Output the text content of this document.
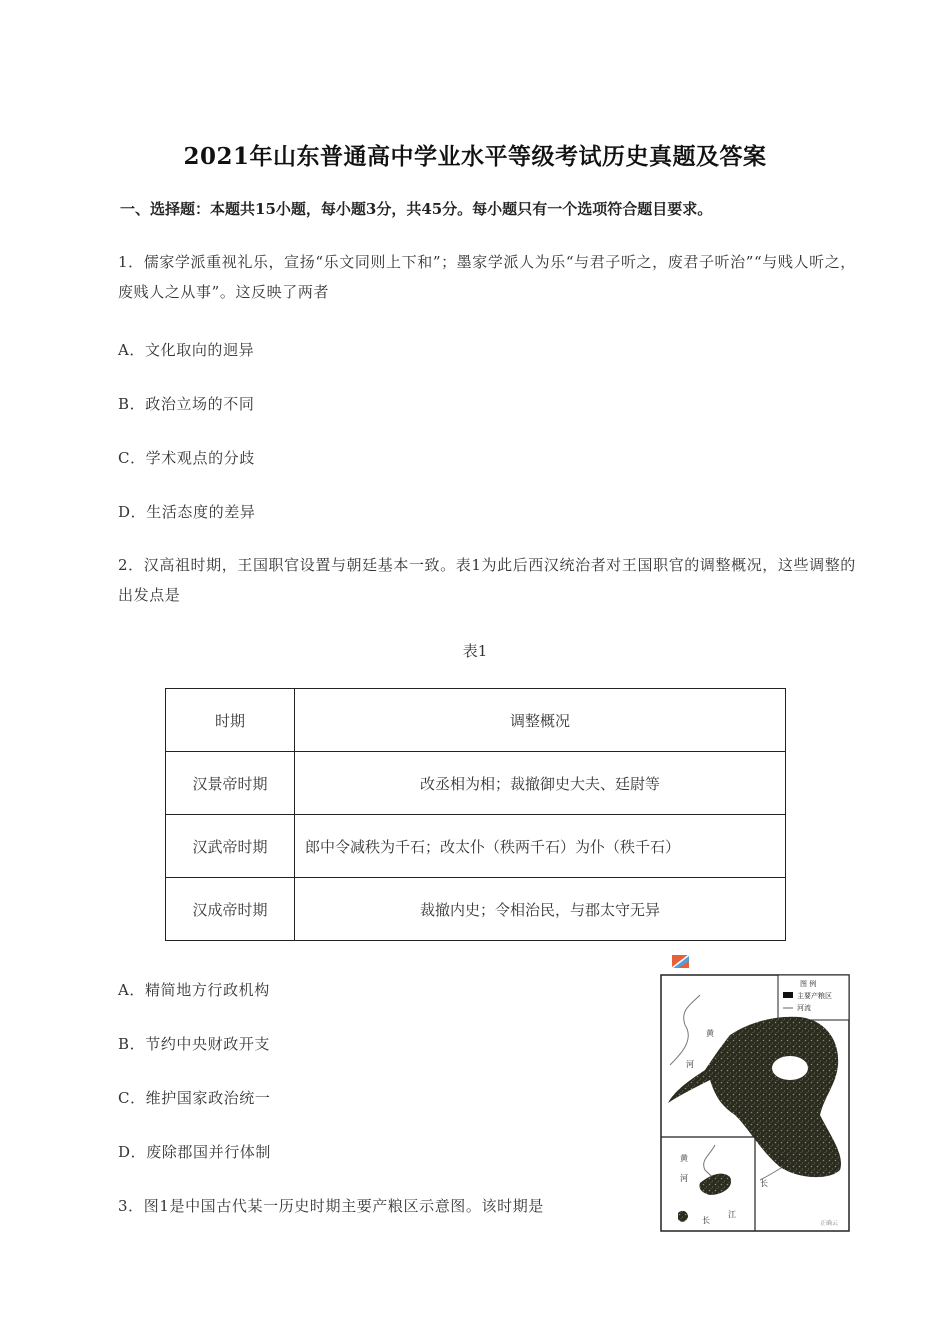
2021年山东普通高中学业水平等级考试历史真题及答案
一、选择题：本题共15小题，每小题3分，共45分。每小题只有一个选项符合题目要求。
1．儒家学派重视礼乐，宣扬“乐文同则上下和”；墨家学派人为乐“与君子听之，废君子听治”“与贱人听之，废贱人之从事”。这反映了两者
A．文化取向的迥异
B．政治立场的不同
C．学术观点的分歧
D．生活态度的差异
2．汉高祖时期，王国职官设置与朝廷基本一致。表1为此后西汉统治者对王国职官的调整概况，这些调整的出发点是
表1
时期	调整概况
汉景帝时期	改丞相为相；裁撤御史大夫、廷尉等
汉武帝时期	郎中令减秩为千石；改太仆（秩两千石）为仆（秩千石）
汉成帝时期	裁撤内史；令相治民，与郡太守无异
A．精简地方行政机构
B．节约中央财政开支
C．维护国家政治统一
D．废除郡国并行体制
3．图1是中国古代某一历史时期主要产粮区示意图。该时期是
图 例
主要产粮区
河流
黄
河
江
长
黄
河
长
江
正确云
